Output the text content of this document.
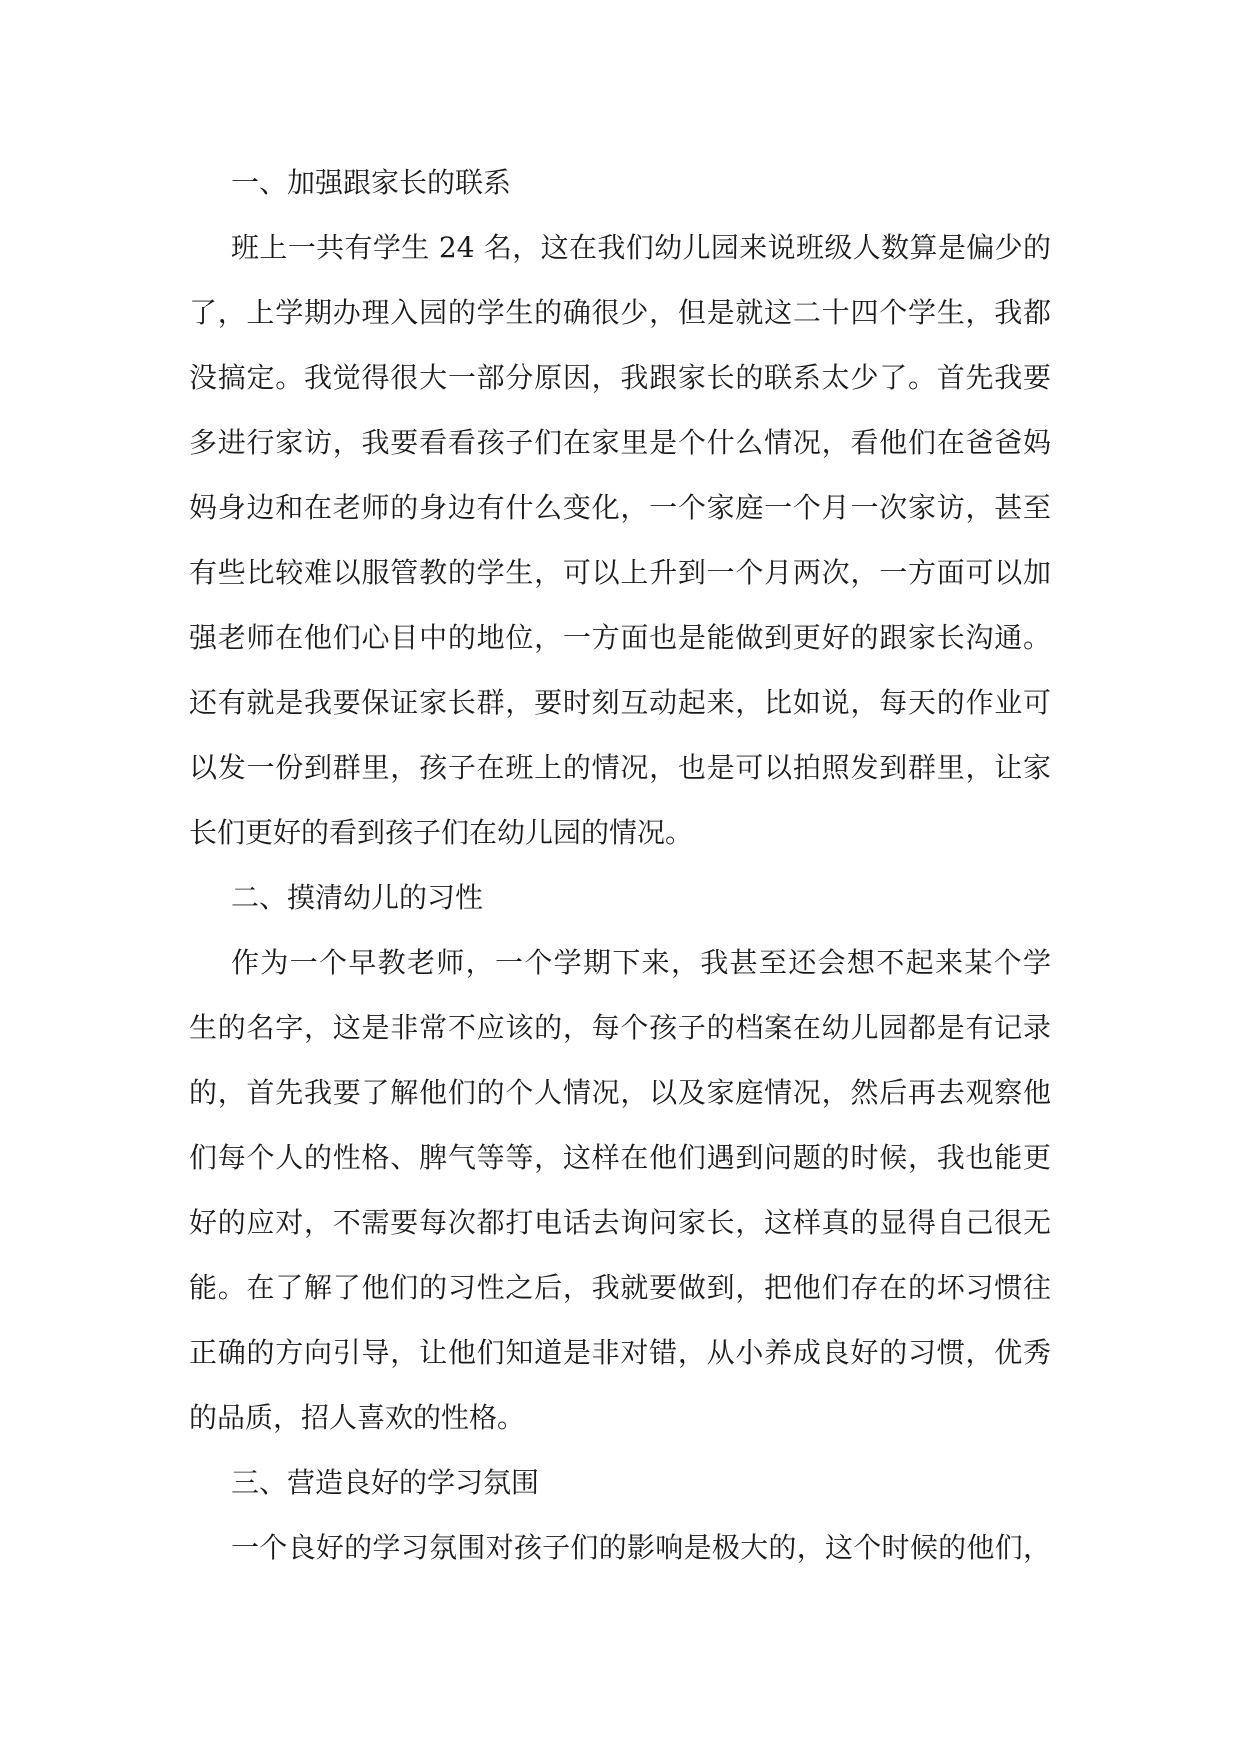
一、加强跟家长的联系
班上一共有学生 24 名，这在我们幼儿园来说班级人数算是偏少的
了，上学期办理入园的学生的确很少，但是就这二十四个学生，我都
没搞定。我觉得很大一部分原因，我跟家长的联系太少了。首先我要
多进行家访，我要看看孩子们在家里是个什么情况，看他们在爸爸妈
妈身边和在老师的身边有什么变化，一个家庭一个月一次家访，甚至
有些比较难以服管教的学生，可以上升到一个月两次，一方面可以加
强老师在他们心目中的地位，一方面也是能做到更好的跟家长沟通。
还有就是我要保证家长群，要时刻互动起来，比如说，每天的作业可
以发一份到群里，孩子在班上的情况，也是可以拍照发到群里，让家
长们更好的看到孩子们在幼儿园的情况。
二、摸清幼儿的习性
作为一个早教老师，一个学期下来，我甚至还会想不起来某个学
生的名字，这是非常不应该的，每个孩子的档案在幼儿园都是有记录
的，首先我要了解他们的个人情况，以及家庭情况，然后再去观察他
们每个人的性格、脾气等等，这样在他们遇到问题的时候，我也能更
好的应对，不需要每次都打电话去询问家长，这样真的显得自己很无
能。在了解了他们的习性之后，我就要做到，把他们存在的坏习惯往
正确的方向引导，让他们知道是非对错，从小养成良好的习惯，优秀
的品质，招人喜欢的性格。
三、营造良好的学习氛围
一个良好的学习氛围对孩子们的影响是极大的，这个时候的他们，
